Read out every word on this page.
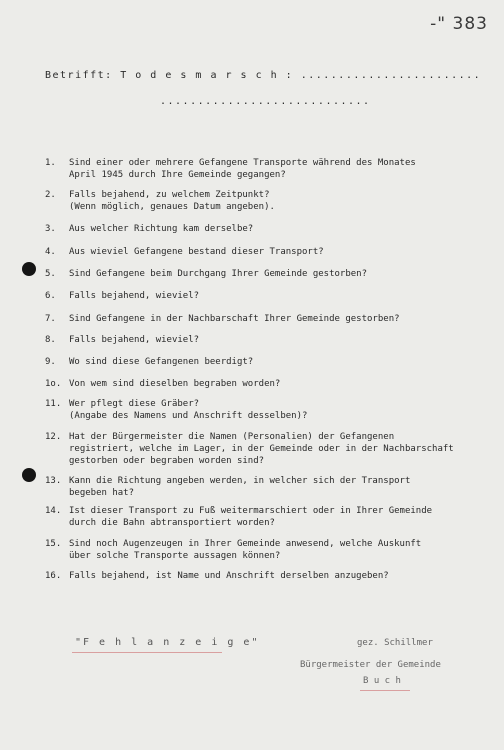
-" 383
Betrifft: T o d e s m a r s c h : ........................
............................
1. Sind einer oder mehrere Gefangene Transporte während des Monates
April 1945 durch Ihre Gemeinde gegangen?
2. Falls bejahend, zu welchem Zeitpunkt?
(Wenn möglich, genaues Datum angeben).
3. Aus welcher Richtung kam derselbe?
4. Aus wieviel Gefangene bestand dieser Transport?
5. Sind Gefangene beim Durchgang Ihrer Gemeinde gestorben?
6. Falls bejahend, wieviel?
7. Sind Gefangene in der Nachbarschaft Ihrer Gemeinde gestorben?
8. Falls bejahend, wieviel?
9. Wo sind diese Gefangenen beerdigt?
1o. Von wem sind dieselben begraben worden?
11. Wer pflegt diese Gräber?
(Angabe des Namens und Anschrift desselben)?
12. Hat der Bürgermeister die Namen (Personalien) der Gefangenen
registriert, welche im Lager, in der Gemeinde oder in der Nachbarschaft
gestorben oder begraben worden sind?
13. Kann die Richtung angeben werden, in welcher sich der Transport
begeben hat?
14. Ist dieser Transport zu Fuß weitermarschiert oder in Ihrer Gemeinde
durch die Bahn abtransportiert worden?
15. Sind noch Augenzeugen in Ihrer Gemeinde anwesend, welche Auskunft
über solche Transporte aussagen können?
16. Falls bejahend, ist Name und Anschrift derselben anzugeben?
"F e h l a n z e i g e"	gez. Schillmer
Bürgermeister der Gemeinde
B u c h
